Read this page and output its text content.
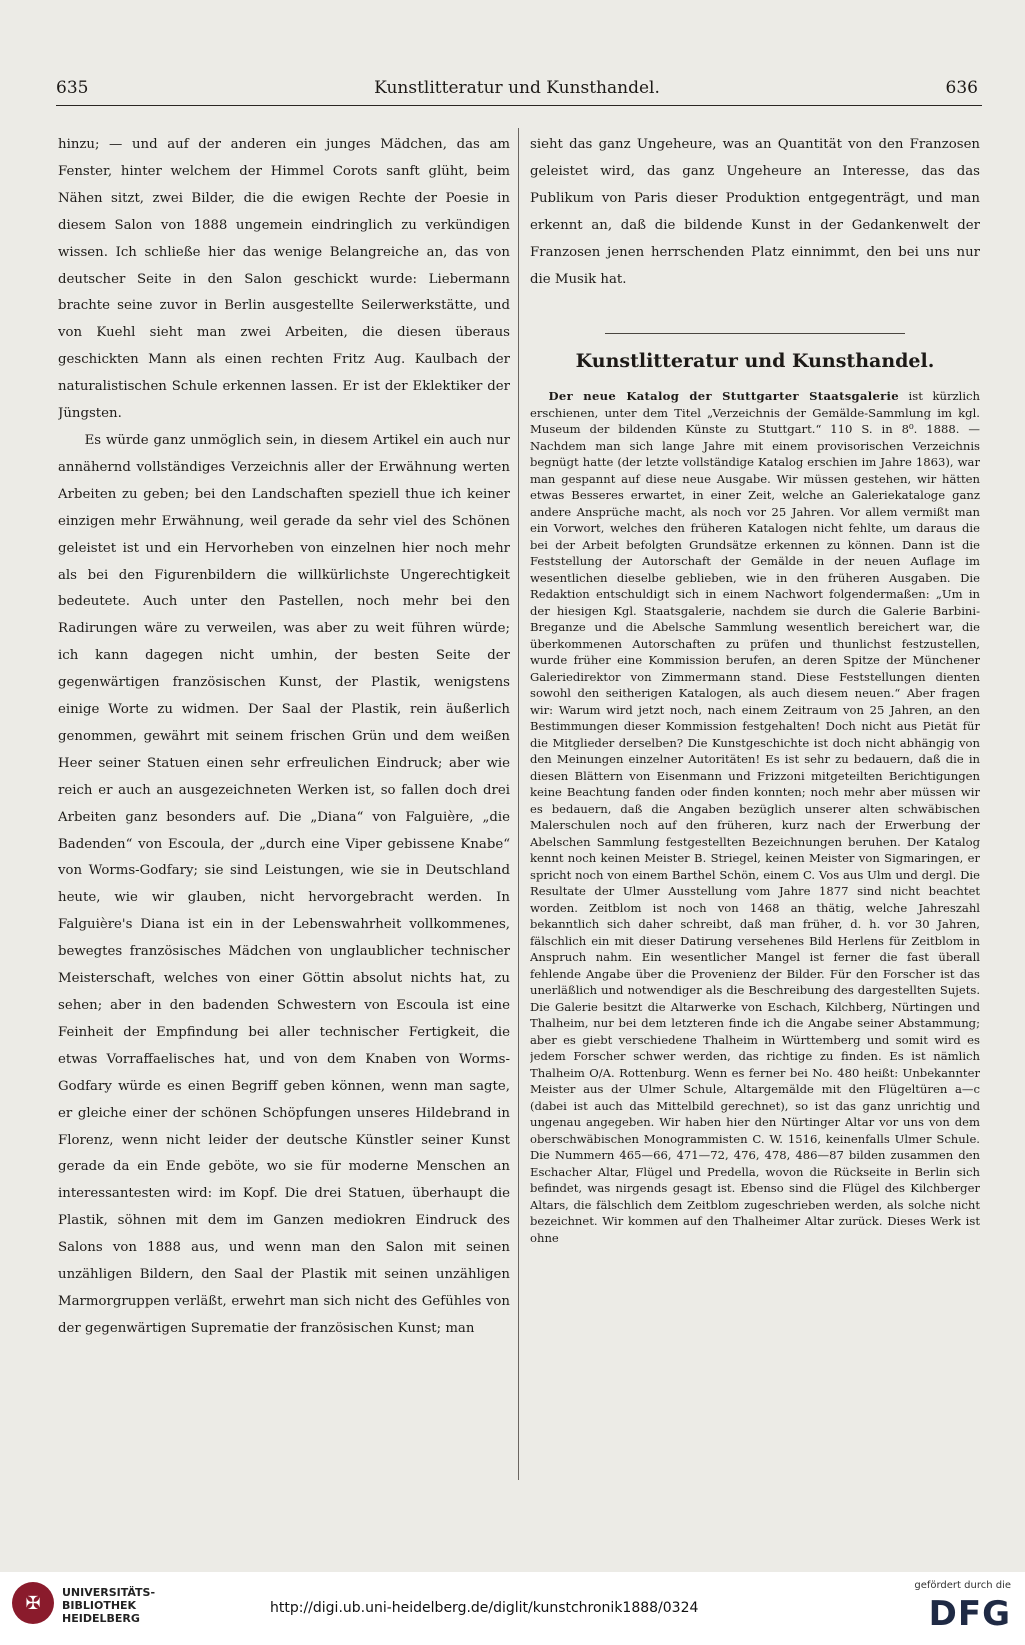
635	Kunstlitteratur und Kunsthandel.	636

hinzu; — und auf der anderen ein junges Mädchen, das am Fenster, hinter welchem der Himmel Corots sanft glüht, beim Nähen sitzt, zwei Bilder, die die ewigen Rechte der Poesie in diesem Salon von 1888 ungemein eindringlich zu verkündigen wissen. Ich schließe hier das wenige Belangreiche an, das von deutscher Seite in den Salon geschickt wurde: Liebermann brachte seine zuvor in Berlin ausgestellte Seilerwerkstätte, und von Kuehl sieht man zwei Arbeiten, die diesen überaus geschickten Mann als einen rechten Fritz Aug. Kaulbach der naturalistischen Schule erkennen lassen. Er ist der Eklektiker der Jüngsten.

Es würde ganz unmöglich sein, in diesem Artikel ein auch nur annähernd vollständiges Verzeichnis aller der Erwähnung werten Arbeiten zu geben; bei den Landschaften speziell thue ich keiner einzigen mehr Erwähnung, weil gerade da sehr viel des Schönen geleistet ist und ein Hervorheben von einzelnen hier noch mehr als bei den Figurenbildern die willkürlichste Ungerechtigkeit bedeutete. Auch unter den Pastellen, noch mehr bei den Radirungen wäre zu verweilen, was aber zu weit führen würde; ich kann dagegen nicht umhin, der besten Seite der gegenwärtigen französischen Kunst, der Plastik, wenigstens einige Worte zu widmen. Der Saal der Plastik, rein äußerlich genommen, gewährt mit seinem frischen Grün und dem weißen Heer seiner Statuen einen sehr erfreulichen Eindruck; aber wie reich er auch an ausgezeichneten Werken ist, so fallen doch drei Arbeiten ganz besonders auf. Die „Diana“ von Falguière, „die Badenden“ von Escoula, der „durch eine Viper gebissene Knabe“ von Worms-Godfary; sie sind Leistungen, wie sie in Deutschland heute, wie wir glauben, nicht hervorgebracht werden. In Falguière's Diana ist ein in der Lebenswahrheit vollkommenes, bewegtes französisches Mädchen von unglaublicher technischer Meisterschaft, welches von einer Göttin absolut nichts hat, zu sehen; aber in den badenden Schwestern von Escoula ist eine Feinheit der Empfindung bei aller technischer Fertigkeit, die etwas Vorraffaelisches hat, und von dem Knaben von Worms-Godfary würde es einen Begriff geben können, wenn man sagte, er gleiche einer der schönen Schöpfungen unseres Hildebrand in Florenz, wenn nicht leider der deutsche Künstler seiner Kunst gerade da ein Ende geböte, wo sie für moderne Menschen an interessantesten wird: im Kopf. Die drei Statuen, überhaupt die Plastik, söhnen mit dem im Ganzen mediokren Eindruck des Salons von 1888 aus, und wenn man den Salon mit seinen unzähligen Bildern, den Saal der Plastik mit seinen unzähligen Marmorgruppen verläßt, erwehrt man sich nicht des Gefühles von der gegenwärtigen Suprematie der französischen Kunst; man

sieht das ganz Ungeheure, was an Quantität von den Franzosen geleistet wird, das ganz Ungeheure an Interesse, das das Publikum von Paris dieser Produktion entgegenträgt, und man erkennt an, daß die bildende Kunst in der Gedankenwelt der Franzosen jenen herrschenden Platz einnimmt, den bei uns nur die Musik hat.

Kunstlitteratur und Kunsthandel.

Der neue Katalog der Stuttgarter Staatsgalerie ist kürzlich erschienen, unter dem Titel „Verzeichnis der Gemälde-Sammlung im kgl. Museum der bildenden Künste zu Stuttgart.“ 110 S. in 8⁰. 1888. — Nachdem man sich lange Jahre mit einem provisorischen Verzeichnis begnügt hatte (der letzte vollständige Katalog erschien im Jahre 1863), war man gespannt auf diese neue Ausgabe. Wir müssen gestehen, wir hätten etwas Besseres erwartet, in einer Zeit, welche an Galeriekataloge ganz andere Ansprüche macht, als noch vor 25 Jahren. Vor allem vermißt man ein Vorwort, welches den früheren Katalogen nicht fehlte, um daraus die bei der Arbeit befolgten Grundsätze erkennen zu können. Dann ist die Feststellung der Autorschaft der Gemälde in der neuen Auflage im wesentlichen dieselbe geblieben, wie in den früheren Ausgaben. Die Redaktion entschuldigt sich in einem Nachwort folgendermaßen: „Um in der hiesigen Kgl. Staatsgalerie, nachdem sie durch die Galerie Barbini-Breganze und die Abelsche Sammlung wesentlich bereichert war, die überkommenen Autorschaften zu prüfen und thunlichst festzustellen, wurde früher eine Kommission berufen, an deren Spitze der Münchener Galeriedirektor von Zimmermann stand. Diese Feststellungen dienten sowohl den seitherigen Katalogen, als auch diesem neuen.“ Aber fragen wir: Warum wird jetzt noch, nach einem Zeitraum von 25 Jahren, an den Bestimmungen dieser Kommission festgehalten! Doch nicht aus Pietät für die Mitglieder derselben? Die Kunstgeschichte ist doch nicht abhängig von den Meinungen einzelner Autoritäten! Es ist sehr zu bedauern, daß die in diesen Blättern von Eisenmann und Frizzoni mitgeteilten Berichtigungen keine Beachtung fanden oder finden konnten; noch mehr aber müssen wir es bedauern, daß die Angaben bezüglich unserer alten schwäbischen Malerschulen noch auf den früheren, kurz nach der Erwerbung der Abelschen Sammlung festgestellten Bezeichnungen beruhen. Der Katalog kennt noch keinen Meister B. Striegel, keinen Meister von Sigmaringen, er spricht noch von einem Barthel Schön, einem C. Vos aus Ulm und dergl. Die Resultate der Ulmer Ausstellung vom Jahre 1877 sind nicht beachtet worden. Zeitblom ist noch von 1468 an thätig, welche Jahreszahl bekanntlich sich daher schreibt, daß man früher, d. h. vor 30 Jahren, fälschlich ein mit dieser Datirung versehenes Bild Herlens für Zeitblom in Anspruch nahm. Ein wesentlicher Mangel ist ferner die fast überall fehlende Angabe über die Provenienz der Bilder. Für den Forscher ist das unerläßlich und notwendiger als die Beschreibung des dargestellten Sujets. Die Galerie besitzt die Altarwerke von Eschach, Kilchberg, Nürtingen und Thalheim, nur bei dem letzteren finde ich die Angabe seiner Abstammung; aber es giebt verschiedene Thalheim in Württemberg und somit wird es jedem Forscher schwer werden, das richtige zu finden. Es ist nämlich Thalheim O/A. Rottenburg. Wenn es ferner bei No. 480 heißt: Unbekannter Meister aus der Ulmer Schule, Altargemälde mit den Flügeltüren a—c (dabei ist auch das Mittelbild gerechnet), so ist das ganz unrichtig und ungenau angegeben. Wir haben hier den Nürtinger Altar vor uns von dem oberschwäbischen Monogrammisten C. W. 1516, keinenfalls Ulmer Schule. Die Nummern 465—66, 471—72, 476, 478, 486—87 bilden zusammen den Eschacher Altar, Flügel und Predella, wovon die Rückseite in Berlin sich befindet, was nirgends gesagt ist. Ebenso sind die Flügel des Kilchberger Altars, die fälschlich dem Zeitblom zugeschrieben werden, als solche nicht bezeichnet. Wir kommen auf den Thalheimer Altar zurück. Dieses Werk ist ohne

✠ UNIVERSITÄTS-
BIBLIOTHEK
HEIDELBERG
http://digi.ub.uni-heidelberg.de/diglit/kunstchronik1888/0324
gefördert durch die
DFG
